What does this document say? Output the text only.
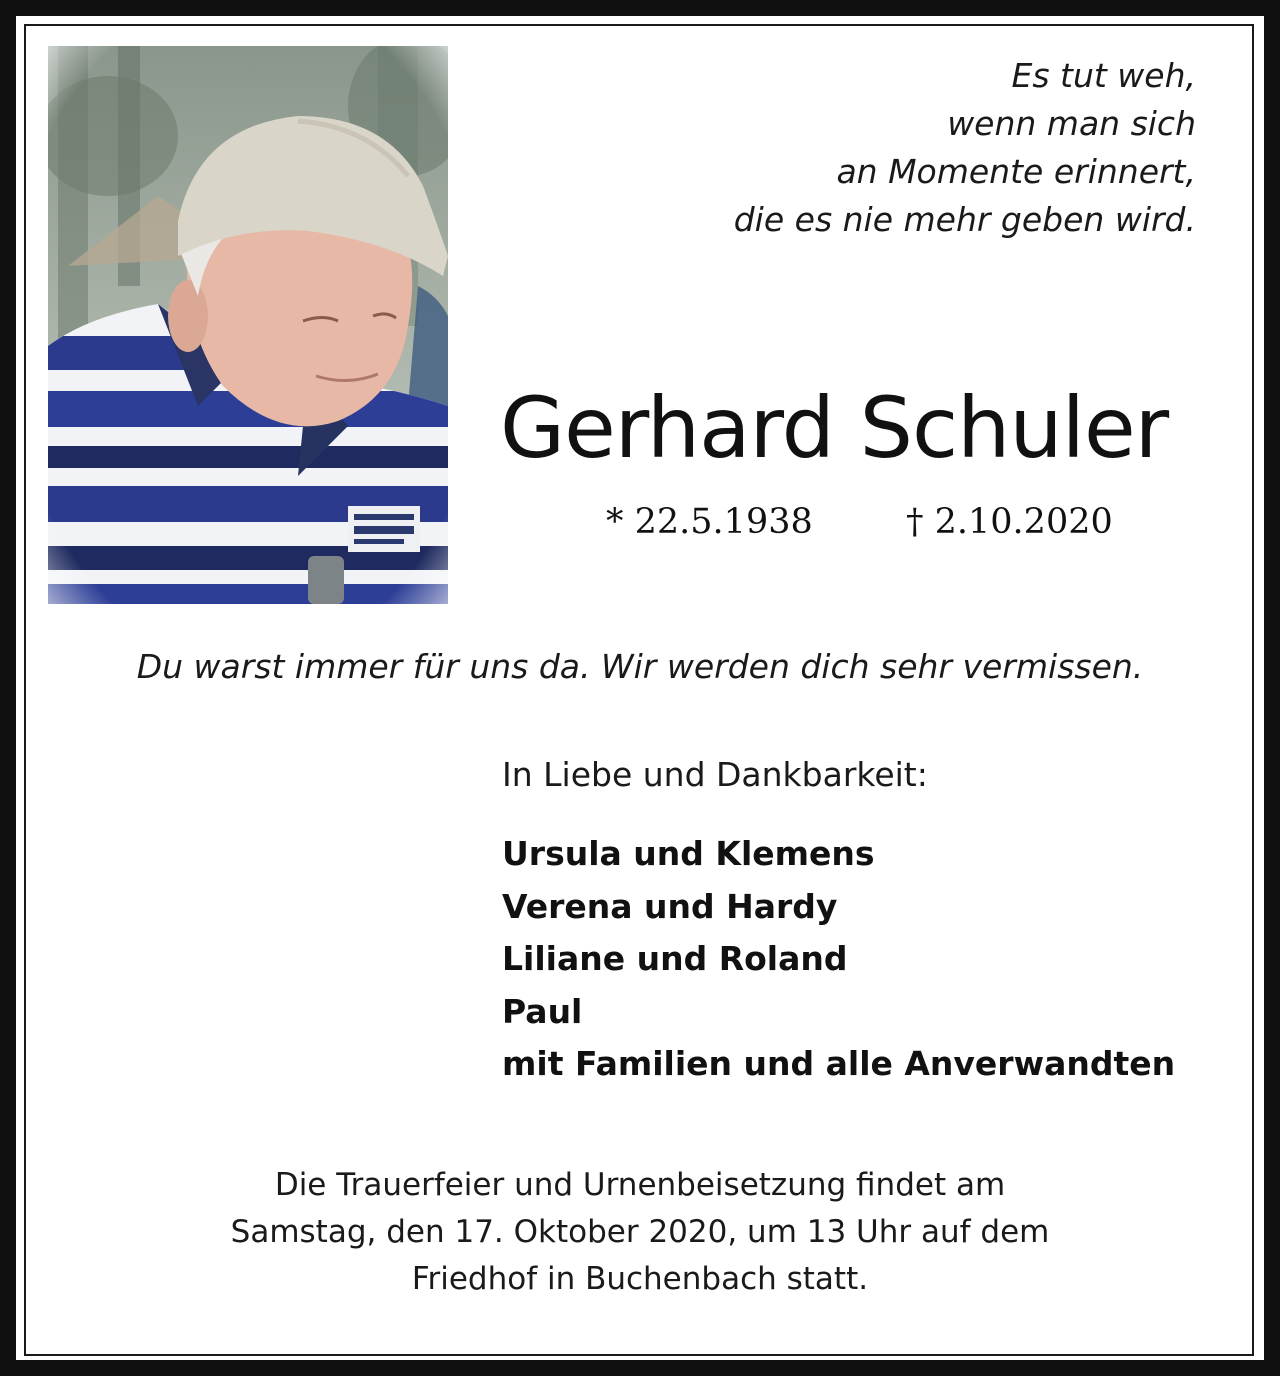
Es tut weh,
wenn man sich
an Momente erinnert,
die es nie mehr geben wird.
Gerhard Schuler
* 22.5.1938	† 2.10.2020
Du warst immer für uns da. Wir werden dich sehr vermissen.
In Liebe und Dankbarkeit:
Ursula und Klemens
Verena und Hardy
Liliane und Roland
Paul
mit Familien und alle Anverwandten
Die Trauerfeier und Urnenbeisetzung findet am
Samstag, den 17. Oktober 2020, um 13 Uhr auf dem
Friedhof in Buchenbach statt.
